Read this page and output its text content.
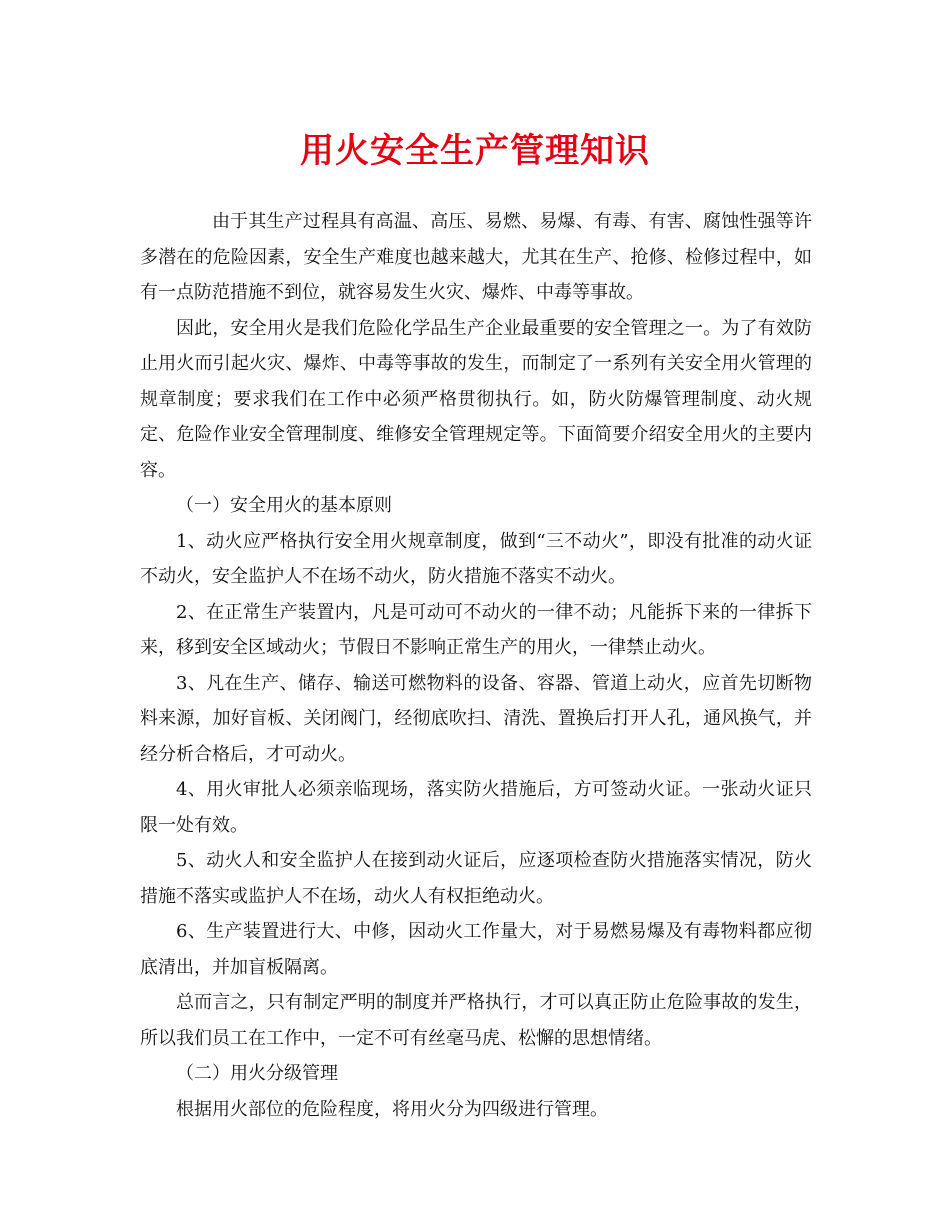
用火安全生产管理知识

由于其生产过程具有高温、高压、易燃、易爆、有毒、有害、腐蚀性强等许多潜在的危险因素，安全生产难度也越来越大，尤其在生产、抢修、检修过程中，如有一点防范措施不到位，就容易发生火灾、爆炸、中毒等事故。

因此，安全用火是我们危险化学品生产企业最重要的安全管理之一。为了有效防止用火而引起火灾、爆炸、中毒等事故的发生，而制定了一系列有关安全用火管理的规章制度；要求我们在工作中必须严格贯彻执行。如，防火防爆管理制度、动火规定、危险作业安全管理制度、维修安全管理规定等。下面简要介绍安全用火的主要内容。

（一）安全用火的基本原则

1、动火应严格执行安全用火规章制度，做到“三不动火”，即没有批准的动火证不动火，安全监护人不在场不动火，防火措施不落实不动火。

2、在正常生产装置内，凡是可动可不动火的一律不动；凡能拆下来的一律拆下来，移到安全区域动火；节假日不影响正常生产的用火，一律禁止动火。

3、凡在生产、储存、输送可燃物料的设备、容器、管道上动火，应首先切断物料来源，加好盲板、关闭阀门，经彻底吹扫、清洗、置换后打开人孔，通风换气，并经分析合格后，才可动火。

4、用火审批人必须亲临现场，落实防火措施后，方可签动火证。一张动火证只限一处有效。

5、动火人和安全监护人在接到动火证后，应逐项检查防火措施落实情况，防火措施不落实或监护人不在场，动火人有权拒绝动火。

6、生产装置进行大、中修，因动火工作量大，对于易燃易爆及有毒物料都应彻底清出，并加盲板隔离。

总而言之，只有制定严明的制度并严格执行，才可以真正防止危险事故的发生，所以我们员工在工作中，一定不可有丝毫马虎、松懈的思想情绪。

（二）用火分级管理

根据用火部位的危险程度，将用火分为四级进行管理。
